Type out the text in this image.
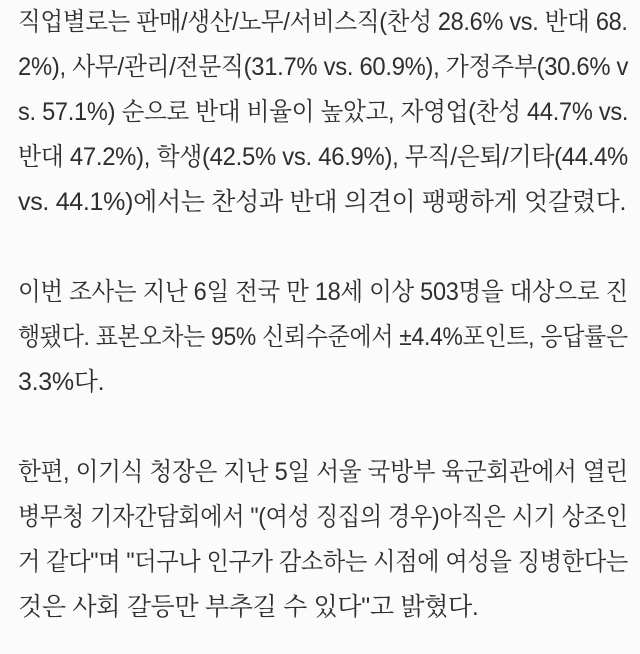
직업별로는 판매/생산/노무/서비스직(찬성 28.6% vs. 반대 68.
2%), 사무/관리/전문직(31.7% vs. 60.9%), 가정주부(30.6% v
s. 57.1%) 순으로 반대 비율이 높았고, 자영업(찬성 44.7% vs.
반대 47.2%), 학생(42.5% vs. 46.9%), 무직/은퇴/기타(44.4%
vs. 44.1%)에서는 찬성과 반대 의견이 팽팽하게 엇갈렸다.
이번 조사는 지난 6일 전국 만 18세 이상 503명을 대상으로 진
행됐다. 표본오차는 95% 신뢰수준에서 ±4.4%포인트, 응답률은
3.3%다.
한편, 이기식 청장은 지난 5일 서울 국방부 육군회관에서 열린
병무청 기자간담회에서 "(여성 징집의 경우)아직은 시기 상조인
거 같다"며 "더구나 인구가 감소하는 시점에 여성을 징병한다는
것은 사회 갈등만 부추길 수 있다"고 밝혔다.
